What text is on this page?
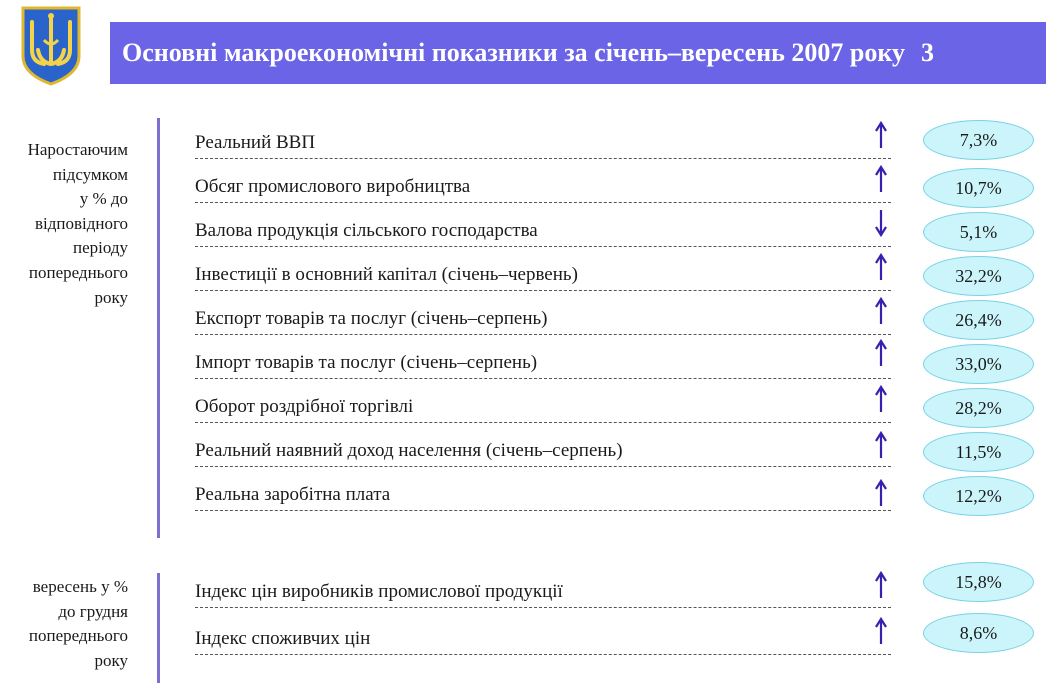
Основні макроекономічні показники за січень–вересень 2007 року 3
Наростаючим
підсумком
у % до
відповідного
періоду
попереднього
року
вересень у %
до грудня
попереднього
року
Реальний ВВП
Обсяг промислового виробництва
Валова продукція сільського господарства
Інвестиції в основний капітал (січень–червень)
Експорт товарів та послуг (січень–серпень)
Імпорт товарів та послуг (січень–серпень)
Оборот роздрібної торгівлі
Реальний наявний доход населення (січень–серпень)
Реальна заробітна плата
Індекс цін виробників промислової продукції
Індекс споживчих цін
7,3%
10,7%
5,1%
32,2%
26,4%
33,0%
28,2%
11,5%
12,2%
15,8%
8,6%
